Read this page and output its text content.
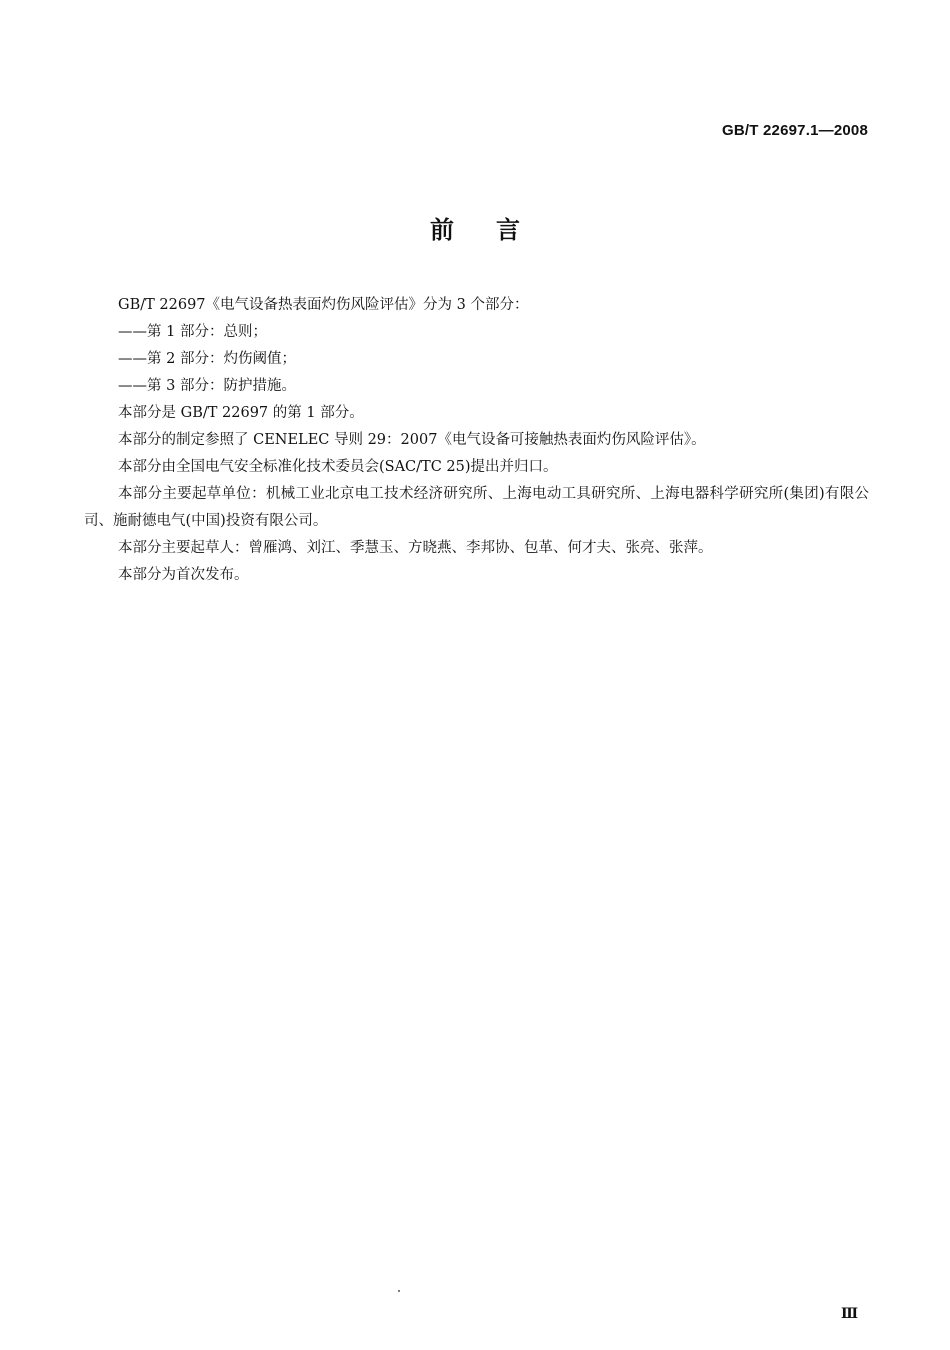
GB/T 22697.1—2008
前言

GB/T 22697《电气设备热表面灼伤风险评估》分为 3 个部分：

——第 1 部分：总则；

——第 2 部分：灼伤阈值；

——第 3 部分：防护措施。

本部分是 GB/T 22697 的第 1 部分。

本部分的制定参照了 CENELEC 导则 29：2007《电气设备可接触热表面灼伤风险评估》。

本部分由全国电气安全标准化技术委员会(SAC/TC 25)提出并归口。

本部分主要起草单位：机械工业北京电工技术经济研究所、上海电动工具研究所、上海电器科学研究所(集团)有限公司、施耐德电气(中国)投资有限公司。

本部分主要起草人：曾雁鸿、刘江、季慧玉、方晓燕、李邦协、包革、何才夫、张亮、张萍。

本部分为首次发布。

Ⅲ
